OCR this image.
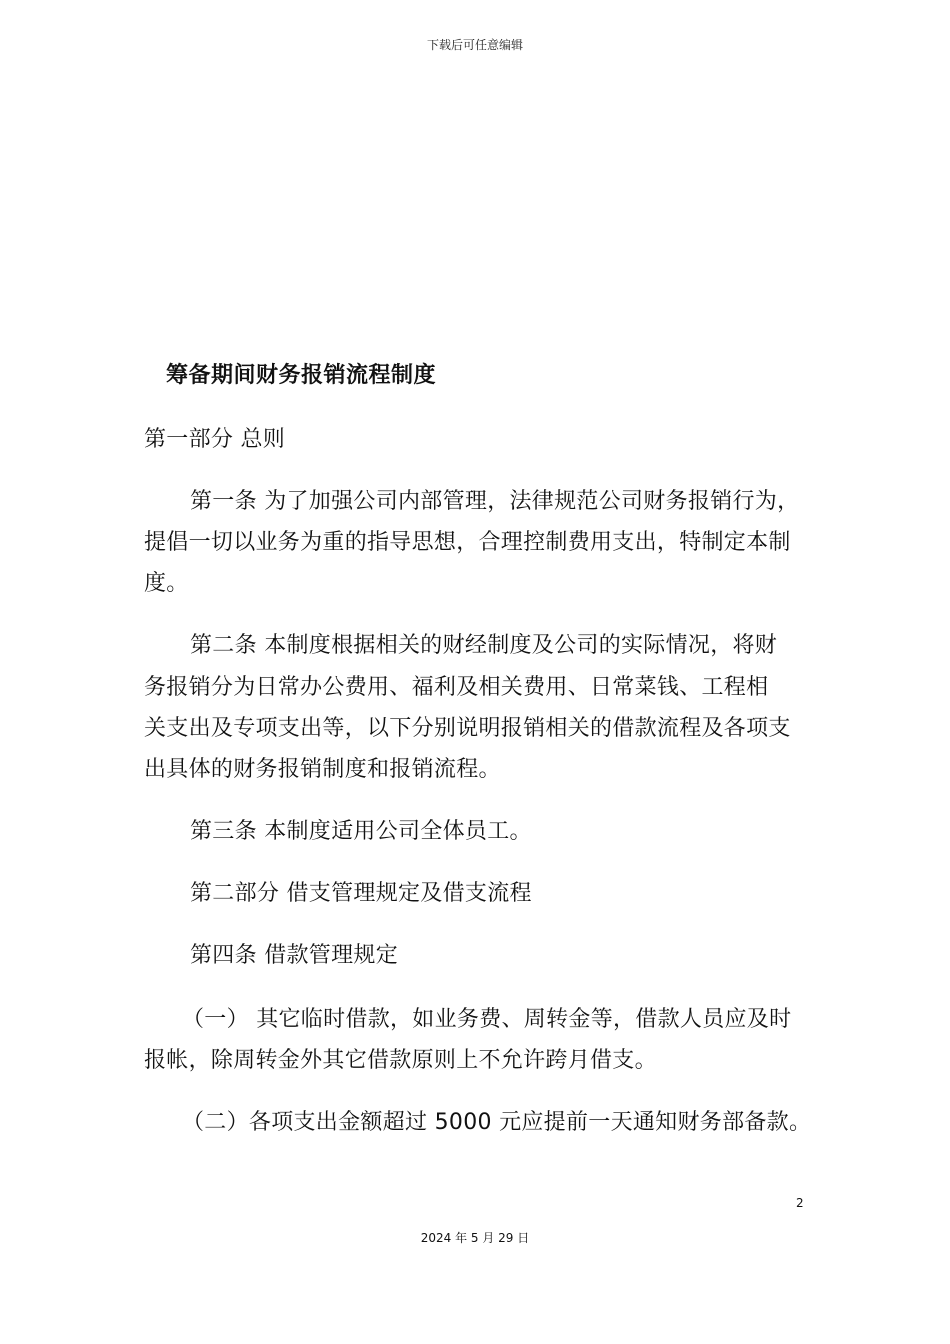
下载后可任意编辑
筹备期间财务报销流程制度
第一部分 总则
第一条 为了加强公司内部管理，法律规范公司财务报销行为，
提倡一切以业务为重的指导思想，合理控制费用支出，特制定本制
度。
第二条 本制度根据相关的财经制度及公司的实际情况，将财
务报销分为日常办公费用、福利及相关费用、日常菜钱、工程相
关支出及专项支出等，以下分别说明报销相关的借款流程及各项支
出具体的财务报销制度和报销流程。
第三条 本制度适用公司全体员工。
第二部分 借支管理规定及借支流程
第四条 借款管理规定
（一） 其它临时借款，如业务费、周转金等，借款人员应及时
报帐，除周转金外其它借款原则上不允许跨月借支。
（二）各项支出金额超过 5000 元应提前一天通知财务部备款。
2
2024 年 5 月 29 日
